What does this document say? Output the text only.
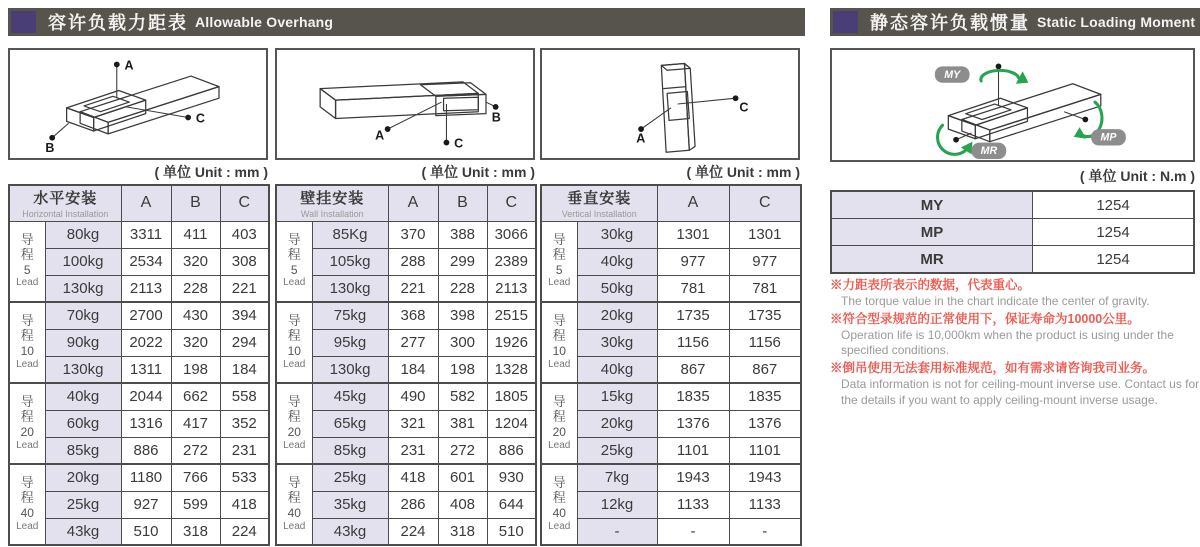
容许负载力距表 Allowable Overhang	静态容许负载惯量 Static Loading Moment
A
B
C	B
A
C	A
C
MY
MP
MR
( 单位 Unit : mm )	( 单位 Unit : mm )	( 单位 Unit : mm )	( 单位 Unit : N.m )
水平安装
Horizontal Installation		A	B	C

导
程
5
Lead	80kg	3311	411	403
	100kg	2534	320	308
	130kg	2113	228	221

导
程
10
Lead	70kg	2700	430	394
	90kg	2022	320	294
	130kg	1311	198	184

导
程
20
Lead	40kg	2044	662	558
	60kg	1316	417	352
	85kg	886	272	231

导
程
40
Lead	20kg	1180	766	533
	25kg	927	599	418
	43kg	510	318	224
壁挂安装
Wall Installation		A	B	C

导
程
5
Lead	85Kg	370	388	3066
	105kg	288	299	2389
	130kg	221	228	2113

导
程
10
Lead	75kg	368	398	2515
	95kg	277	300	1926
	130kg	184	198	1328

导
程
20
Lead	45kg	490	582	1805
	65kg	321	381	1204
	85kg	231	272	886

导
程
40
Lead	25kg	418	601	930
	35kg	286	408	644
	43kg	224	318	510
垂直安装
Vertical Installation		A	C

导
程
5
Lead	30kg	1301	1301
	40kg	977	977
	50kg	781	781

导
程
10
Lead	20kg	1735	1735
	30kg	1156	1156
	40kg	867	867

导
程
20
Lead	15kg	1835	1835
	20kg	1376	1376
	25kg	1101	1101

导
程
40
Lead	7kg	1943	1943
	12kg	1133	1133
	-	-	-
MY	1254
MP	1254
MR	1254
※力距表所表示的数据，代表重心。
The torque value in the chart indicate the center of gravity.
※符合型录规范的正常使用下，保证寿命为10000公里。
Operation life is 10,000km when the product is using under the specified conditions.
※倒吊使用无法套用标准规范，如有需求请咨询我司业务。
Data information is not for ceiling-mount inverse use. Contact us for the details if you want to apply ceiling-mount inverse usage.
